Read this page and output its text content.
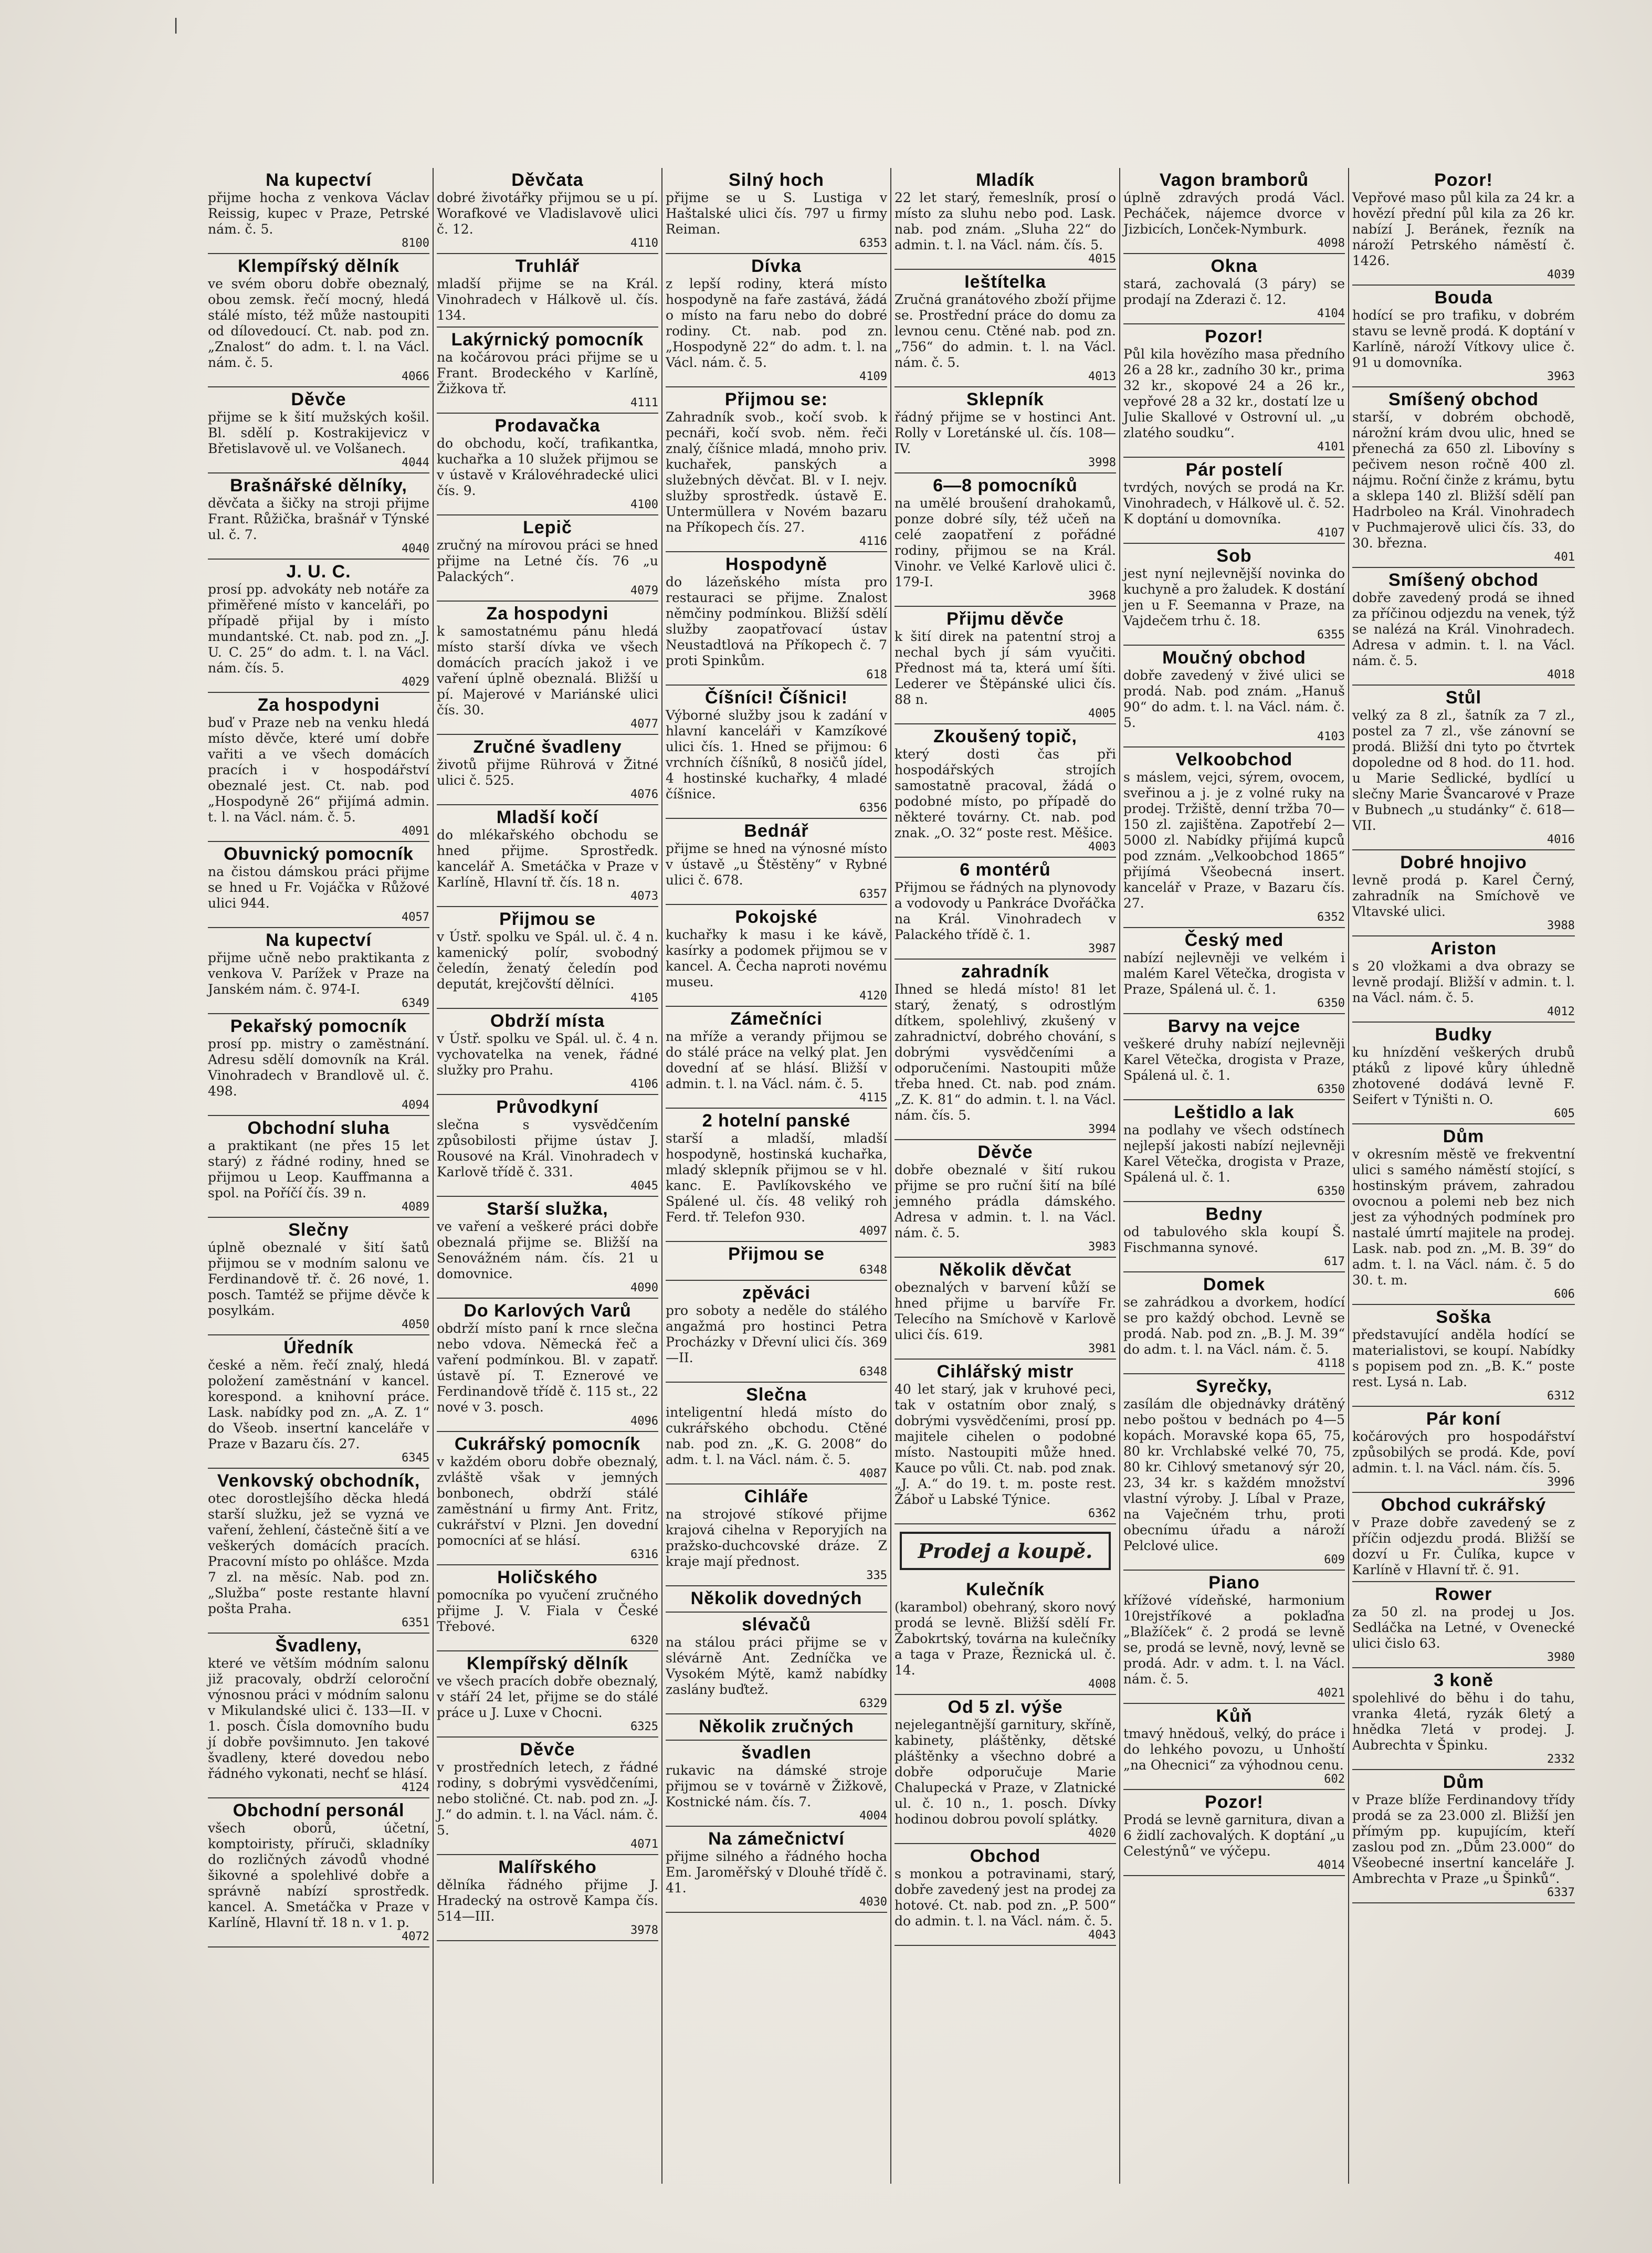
|
Na kupectví
přijme hocha z venkova Václav Reissig, kupec v Praze, Petrské nám. č. 5.
8100
Klempířský dělník
ve svém oboru dobře obeznalý, obou zemsk. řečí mocný, hledá stálé místo, též může nastoupiti od dílovedoucí. Ct. nab. pod zn. „Znalost“ do adm. t. l. na Václ. nám. č. 5.
4066
Děvče
přijme se k šití mužských košil. Bl. sdělí p. Kostrakijevicz v Břetislavově ul. ve Volšanech.
4044
Brašnářské dělníky,
děvčata a šičky na stroji přijme Frant. Růžička, brašnář v Týnské ul. č. 7.
4040
J. U. C.
prosí pp. advokáty neb notáře za přiměřené místo v kanceláři, po případě přijal by i místo mundantské. Ct. nab. pod zn. „J. U. C. 25“ do adm. t. l. na Václ. nám. čís. 5.
4029
Za hospodyni
buď v Praze neb na venku hledá místo děvče, které umí dobře vařiti a ve všech domácích pracích i v hospodářství obeznalé jest. Ct. nab. pod „Hospodyně 26“ přijímá admin. t. l. na Václ. nám. č. 5.
4091
Obuvnický pomocník
na čistou dámskou práci přijme se hned u Fr. Vojáčka v Růžové ulici 944.
4057
Na kupectví
přijme učně nebo praktikanta z venkova V. Parížek v Praze na Janském nám. č. 974-I.
6349
Pekařský pomocník
prosí pp. mistry o zaměstnání. Adresu sdělí domovník na Král. Vinohradech v Brandlově ul. č. 498.
4094
Obchodní sluha
a praktikant (ne přes 15 let starý) z řádné rodiny, hned se přijmou u Leop. Kauffmanna a spol. na Poříčí čís. 39 n.
4089
Slečny
úplně obeznalé v šití šatů přijmou se v modním salonu ve Ferdinandově tř. č. 26 nové, 1. posch. Tamtéž se přijme děvče k posylkám.
4050
Úředník
české a něm. řečí znalý, hledá položení zaměstnání v kancel. korespond. a knihovní práce. Lask. nabídky pod zn. „A. Z. 1“ do Všeob. insertní kanceláře v Praze v Bazaru čís. 27.
6345
Venkovský obchodník,
otec dorostlejšího děcka hledá starší služku, jež se vyzná ve vaření, žehlení, částečně šití a ve veškerých domácích pracích. Pracovní místo po ohlášce. Mzda 7 zl. na měsíc. Nab. pod zn. „Služba“ poste restante hlavní pošta Praha.
6351
Švadleny,
které ve větším módním salonu již pracovaly, obdrží celoroční výnosnou práci v módním salonu v Mikulandské ulici č. 133—II. v 1. posch. Čísla domovního budu jí dobře povšimnuto. Jen takové švadleny, které dovedou nebo řádného vykonati, nechť se hlásí.
4124
Obchodní personál
všech oborů, účetní, komptoiristy, příruči, skladníky do rozličných závodů vhodné šikovné a spolehlivé dobře a správně nabízí sprostředk. kancel. A. Smetáčka v Praze v Karlíně, Hlavní tř. 18 n. v 1. p.
4072
Děvčata
dobré životářky přijmou se u pí. Worafkové ve Vladislavově ulici č. 12.
4110
Truhlář
mladší přijme se na Král. Vinohradech v Hálkově ul. čís. 134.
Lakýrnický pomocník
na kočárovou práci přijme se u Frant. Brodeckého v Karlíně, Žižkova tř.
4111
Prodavačka
do obchodu, kočí, trafikantka, kuchařka a 10 služek přijmou se v ústavě v Královéhradecké ulici čís. 9.
4100
Lepič
zručný na mírovou práci se hned přijme na Letné čís. 76 „u Palackých“.
4079
Za hospodyni
k samostatnému pánu hledá místo starší dívka ve všech domácích pracích jakož i ve vaření úplně obeznalá. Bližší u pí. Majerové v Mariánské ulici čís. 30.
4077
Zručné švadleny
životů přijme Rührová v Žitné ulici č. 525.
4076
Mladší kočí
do mlékařského obchodu se hned přijme. Sprostředk. kancelář A. Smetáčka v Praze v Karlíně, Hlavní tř. čís. 18 n.
4073
Přijmou se
v Ústř. spolku ve Spál. ul. č. 4 n. kamenický polír, svobodný čeledín, ženatý čeledín pod deputát, krejčovští dělníci.
4105
Obdrží místa
v Ústř. spolku ve Spál. ul. č. 4 n. vychovatelka na venek, řádné služky pro Prahu.
4106
Průvodkyní
slečna s vysvědčením způsobilosti přijme ústav J. Rousové na Král. Vinohradech v Karlově třídě č. 331.
4045
Starší služka,
ve vaření a veškeré práci dobře obeznalá přijme se. Bližší na Senovážném nám. čís. 21 u domovnice.
4090
Do Karlových Varů
obdrží místo paní k rnce slečna nebo vdova. Německá řeč a vaření podmínkou. Bl. v zapatř. ústavě pí. T. Eznerové ve Ferdinandově třídě č. 115 st., 22 nové v 3. posch.
4096
Cukrářský pomocník
v každém oboru dobře obeznalý, zvláště však v jemných bonbonech, obdrží stálé zaměstnání u firmy Ant. Fritz, cukrářství v Plzni. Jen dovední pomocníci ať se hlásí.
6316
Holičského
pomocníka po vyučení zručného přijme J. V. Fiala v České Třebové.
6320
Klempířský dělník
ve všech pracích dobře obeznalý, v stáří 24 let, přijme se do stálé práce u J. Luxe v Chocni.
6325
Děvče
v prostředních letech, z řádné rodiny, s dobrými vysvědčeními, nebo stoličné. Ct. nab. pod zn. „J. J.“ do admin. t. l. na Václ. nám. č. 5.
4071
Malířského
dělníka řádného přijme J. Hradecký na ostrově Kampa čís. 514—III.
3978
Silný hoch
přijme se u S. Lustiga v Haštalské ulici čís. 797 u firmy Reiman.
6353
Dívka
z lepší rodiny, která místo hospodyně na faře zastává, žádá o místo na faru nebo do dobré rodiny. Ct. nab. pod zn. „Hospodyně 22“ do adm. t. l. na Václ. nám. č. 5.
4109
Přijmou se:
Zahradník svob., kočí svob. k pecnáři, kočí svob. něm. řeči znalý, číšnice mladá, mnoho priv. kuchařek, panských a služebných děvčat. Bl. v I. nejv. služby sprostředk. ústavě E. Untermüllera v Novém bazaru na Příkopech čís. 27.
4116
Hospodyně
do lázeňského místa pro restauraci se přijme. Znalost němčiny podmínkou. Bližší sdělí služby zaopatřovací ústav Neustadtlová na Příkopech č. 7 proti Spinkům.
618
Číšníci! Číšnici!
Výborné služby jsou k zadání v hlavní kanceláři v Kamzíkové ulici čís. 1. Hned se přijmou: 6 vrchních číšníků, 8 nosičů jídel, 4 hostinské kuchařky, 4 mladé číšnice.
6356
Bednář
přijme se hned na výnosné místo v ústavě „u Štěstěny“ v Rybné ulici č. 678.
6357
Pokojské
kuchařky k masu i ke kávě, kasírky a podomek přijmou se v kancel. A. Čecha naproti novému museu.
4120
Zámečníci
na mříže a verandy přijmou se do stálé práce na velký plat. Jen dovední ať se hlásí. Bližší v admin. t. l. na Václ. nám. č. 5.
4115
2 hotelní panské
starší a mladší, mladší hospodyně, hostinská kuchařka, mladý sklepník přijmou se v hl. kanc. E. Pavlíkovského ve Spálené ul. čís. 48 veliký roh Ferd. tř. Telefon 930.
4097
Přijmou se
6348
zpěváci
pro soboty a neděle do stálého angažmá pro hostinci Petra Procházky v Dřevní ulici čís. 369—II.
6348
Slečna
inteligentní hledá místo do cukrářského obchodu. Ctěné nab. pod zn. „K. G. 2008“ do adm. t. l. na Václ. nám. č. 5.
4087
Cihláře
na strojové stíkové přijme krajová cihelna v Reporyjích na pražsko-duchcovské dráze. Z kraje mají přednost.
335
Několik dovedných
slévačů
na stálou práci přijme se v slévárně Ant. Zedníčka ve Vysokém Mýtě, kamž nabídky zaslány buďtež.
6329
Několik zručných
švadlen
rukavic na dámské stroje přijmou se v továrně v Žižkově, Kostnické nám. čís. 7.
4004
Na zámečnictví
přijme silného a řádného hocha Em. Jaroměřský v Dlouhé třídě č. 41.
4030
Mladík
22 let starý, řemeslník, prosí o místo za sluhu nebo pod. Lask. nab. pod znám. „Sluha 22“ do admin. t. l. na Václ. nám. čís. 5.
4015
Ieštítelka
Zručná granátového zboží přijme se. Prostřední práce do domu za levnou cenu. Ctěné nab. pod zn. „756“ do admin. t. l. na Václ. nám. č. 5.
4013
Sklepník
řádný přijme se v hostinci Ant. Rolly v Loretánské ul. čís. 108—IV.
3998
6—8 pomocníků
na umělé broušení drahokamů, ponze dobré síly, též učeň na celé zaopatření z pořádné rodiny, přijmou se na Král. Vinohr. ve Velké Karlově ulici č. 179-I.
3968
Přijmu děvče
k šití direk na patentní stroj a nechal bych jí sám vyučiti. Přednost má ta, která umí šíti. Lederer ve Štěpánské ulici čís. 88 n.
4005
Zkoušený topič,
který dosti čas při hospodářských strojích samostatně pracoval, žádá o podobné místo, po případě do některé továrny. Ct. nab. pod znak. „O. 32“ poste rest. Měšice.
4003
6 montérů
Přijmou se řádných na plynovody a vodovody u Pankráce Dvořáčka na Král. Vinohradech v Palackého třídě č. 1.
3987
zahradník
Ihned se hledá místo! 81 let starý, ženatý, s odrostlým dítkem, spolehlivý, zkušený v zahradnictví, dobrého chování, s dobrými vysvědčeními a odporučeními. Nastoupiti může třeba hned. Ct. nab. pod znám. „Z. K. 81“ do admin. t. l. na Václ. nám. čís. 5.
3994
Děvče
dobře obeznalé v šití rukou přijme se pro ruční šití na bílé jemného prádla dámského. Adresa v admin. t. l. na Václ. nám. č. 5.
3983
Několik děvčat
obeznalých v barvení kůží se hned přijme u barvíře Fr. Telecího na Smíchově v Karlově ulici čís. 619.
3981
Cihlářský mistr
40 let starý, jak v kruhové peci, tak v ostatním obor znalý, s dobrými vysvědčeními, prosí pp. majitele cihelen o podobné místo. Nastoupiti může hned. Kauce po vůli. Ct. nab. pod znak. „J. A.“ do 19. t. m. poste rest. Žáboř u Labské Týnice.
6362
Prodej a koupě.
Kulečník
(karambol) obehraný, skoro nový prodá se levně. Bližší sdělí Fr. Žabokrtský, továrna na kulečníky a taga v Praze, Řeznická ul. č. 14.
4008
Od 5 zl. výše
nejelegantnější garnitury, skříně, kabinety, pláštěnky, dětské pláštěnky a všechno dobré a dobře odporučuje Marie Chalupecká v Praze, v Zlatnické ul. č. 10 n., 1. posch. Dívky hodinou dobrou povolí splátky.
4020
Obchod
s monkou a potravinami, starý, dobře zavedený jest na prodej za hotové. Ct. nab. pod zn. „P. 500“ do admin. t. l. na Václ. nám. č. 5.
4043
Vagon bramborů
úplně zdravých prodá Václ. Pecháček, nájemce dvorce v Jizbicích, Lonček-Nymburk.
4098
Okna
stará, zachovalá (3 páry) se prodají na Zderazi č. 12.
4104
Pozor!
Půl kila hovězího masa předního 26 a 28 kr., zadního 30 kr., prima 32 kr., skopové 24 a 26 kr., vepřové 28 a 32 kr., dostatí lze u Julie Skallové v Ostrovní ul. „u zlatého soudku“.
4101
Pár postelí
tvrdých, nových se prodá na Kr. Vinohradech, v Hálkově ul. č. 52. K doptání u domovníka.
4107
Sob
jest nyní nejlevnější novinka do kuchyně a pro žaludek. K dostání jen u F. Seemanna v Praze, na Vajdečem trhu č. 18.
6355
Moučný obchod
dobře zavedený v živé ulici se prodá. Nab. pod znám. „Hanuš 90“ do adm. t. l. na Václ. nám. č. 5.
4103
Velkoobchod
s máslem, vejci, sýrem, ovocem, sveřinou a j. je z volné ruky na prodej. Tržiště, denní tržba 70—150 zl. zajištěna. Zapotřebí 2—5000 zl. Nabídky přijímá kupců pod zznám. „Velkoobchod 1865“ přijímá Všeobecná insert. kancelář v Praze, v Bazaru čís. 27.
6352
Český med
nabízí nejlevněji ve velkém i malém Karel Větečka, drogista v Praze, Spálená ul. č. 1.
6350
Barvy na vejce
veškeré druhy nabízí nejlevněji Karel Větečka, drogista v Praze, Spálená ul. č. 1.
6350
Leštidlo a lak
na podlahy ve všech odstínech nejlepší jakosti nabízí nejlevněji Karel Větečka, drogista v Praze, Spálená ul. č. 1.
6350
Bedny
od tabulového skla koupí Š. Fischmanna synové.
617
Domek
se zahrádkou a dvorkem, hodící se pro každý obchod. Levně se prodá. Nab. pod zn. „B. J. M. 39“ do adm. t. l. na Václ. nám. č. 5.
4118
Syrečky,
zasílám dle objednávky drátěný nebo poštou v bednách po 4—5 kopách. Moravské kopa 65, 75, 80 kr. Vrchlabské velké 70, 75, 80 kr. Cihlový smetanový sýr 20, 23, 34 kr. s každém množství vlastní výroby. J. Líbal v Praze, na Vaječném trhu, proti obecnímu úřadu a nároží Pelclové ulice.
609
Piano
křížové vídeňské, harmonium 10rejstříkové a poklaďna „Blažíček“ č. 2 prodá se levně se, prodá se levně, nový, levně se prodá. Adr. v adm. t. l. na Václ. nám. č. 5.
4021
Kůň
tmavý hnědouš, velký, do práce i do lehkého povozu, u Unhoští „na Ohecnici“ za výhodnou cenu.
602
Pozor!
Prodá se levně garnitura, divan a 6 židlí zachovalých. K doptání „u Celestýnů“ ve výčepu.
4014
Pozor!
Vepřové maso půl kila za 24 kr. a hovězí přední půl kila za 26 kr. nabízí J. Beránek, řezník na nároží Petrského náměstí č. 1426.
4039
Bouda
hodící se pro trafiku, v dobrém stavu se levně prodá. K doptání v Karlíně, nároží Vítkovy ulice č. 91 u domovníka.
3963
Smíšený obchod
starší, v dobrém obchodě, nárožní krám dvou ulic, hned se přenechá za 650 zl. Libovíny s pečivem neson ročně 400 zl. nájmu. Roční činže z krámu, bytu a sklepa 140 zl. Bližší sdělí pan Hadrboleo na Král. Vinohradech v Puchmajerově ulici čís. 33, do 30. března.
401
Smíšený obchod
dobře zavedený prodá se ihned za příčinou odjezdu na venek, týž se nalézá na Král. Vinohradech. Adresa v admin. t. l. na Václ. nám. č. 5.
4018
Stůl
velký za 8 zl., šatník za 7 zl., postel za 7 zl., vše zánovní se prodá. Bližší dni tyto po čtvrtek dopoledne od 8 hod. do 11. hod. u Marie Sedlické, bydlící u slečny Marie Švancarové v Praze v Bubnech „u studánky“ č. 618—VII.
4016
Dobré hnojivo
levně prodá p. Karel Černý, zahradník na Smíchově ve Vltavské ulici.
3988
Ariston
s 20 vložkami a dva obrazy se levně prodají. Bližší v admin. t. l. na Václ. nám. č. 5.
4012
Budky
ku hnízdění veškerých drubů ptáků z lipové kůry úhledně zhotovené dodává levně F. Seifert v Týništi n. O.
605
Dům
v okresním městě ve frekventní ulici s samého náměstí stojící, s hostinským právem, zahradou ovocnou a polemi neb bez nich jest za výhodných podmínek pro nastalé úmrtí majitele na prodej. Lask. nab. pod zn. „M. B. 39“ do adm. t. l. na Václ. nám. č. 5 do 30. t. m.
606
Soška
představující anděla hodící se materialistovi, se koupí. Nabídky s popisem pod zn. „B. K.“ poste rest. Lysá n. Lab.
6312
Pár koní
kočárových pro hospodářství způsobilých se prodá. Kde, poví admin. t. l. na Václ. nám. čís. 5.
3996
Obchod cukrářský
v Praze dobře zavedený se z příčin odjezdu prodá. Bližší se dozví u Fr. Čulíka, kupce v Karlíně v Hlavní tř. č. 91.
Rower
za 50 zl. na prodej u Jos. Sedláčka na Letné, v Ovenecké ulici čislo 63.
3980
3 koně
spolehlivé do běhu i do tahu, vranka 4letá, ryzák 6letý a hnědka 7letá v prodej. J. Aubrechta v Špinku.
2332
Dům
v Praze blíže Ferdinandovy třídy prodá se za 23.000 zl. Bližší jen přímým pp. kupujícím, kteří zaslou pod zn. „Dům 23.000“ do Všeobecné insertní kanceláře J. Ambrechta v Praze „u Špinků“.
6337
